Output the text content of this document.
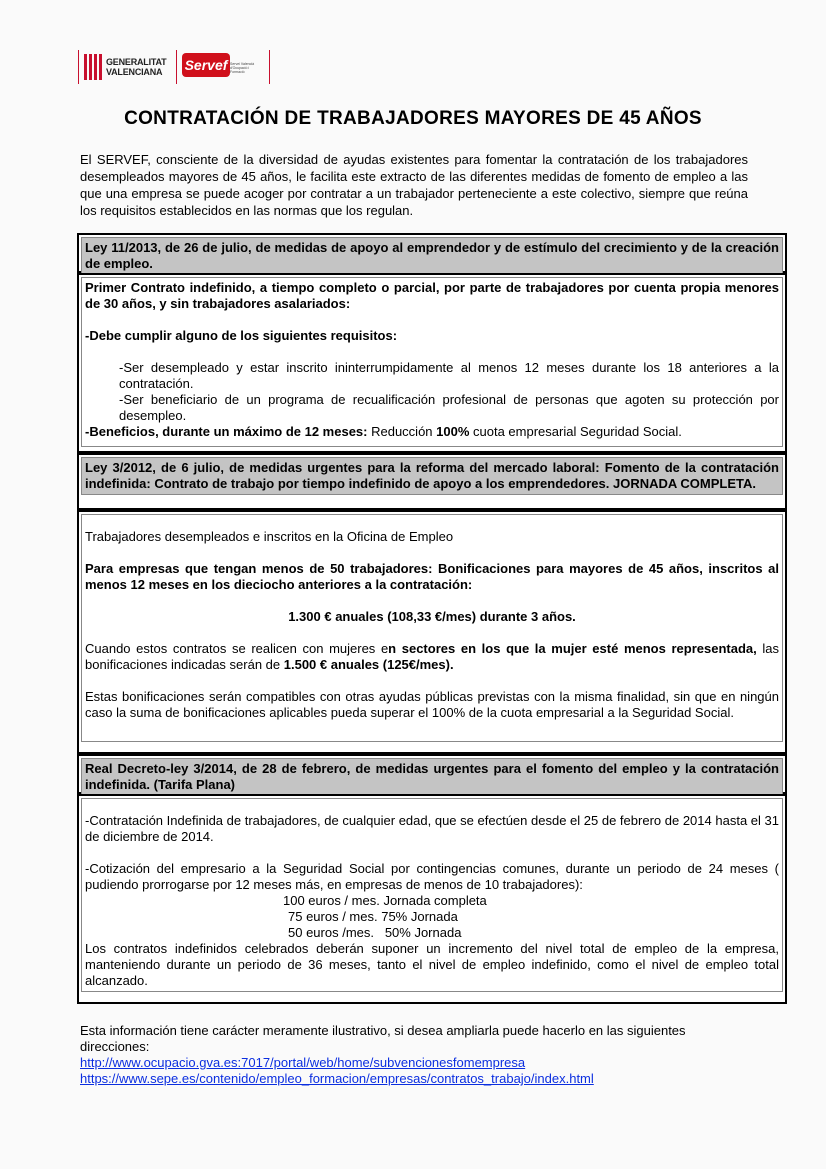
GENERALITAT
VALENCIANA Servef Servei Valencià d'Ocupació i Formació
CONTRATACIÓN DE TRABAJADORES MAYORES DE 45 AÑOS
El SERVEF, consciente de la diversidad de ayudas existentes para fomentar la contratación de los trabajadores desempleados mayores de 45 años, le facilita este extracto de las diferentes medidas de fomento de empleo a las que una empresa se puede acoger por contratar a un trabajador perteneciente a este colectivo, siempre que reúna los requisitos establecidos en las normas que los regulan.
Ley 11/2013, de 26 de julio, de medidas de apoyo al emprendedor y de estímulo del crecimiento y de la creación de empleo.
Primer Contrato indefinido, a tiempo completo o parcial, por parte de trabajadores por cuenta propia menores de 30 años, y sin trabajadores asalariados:
-Debe cumplir alguno de los siguientes requisitos:
-Ser desempleado y estar inscrito ininterrumpidamente al menos 12 meses durante los 18 anteriores a la contratación.
-Ser beneficiario de un programa de recualificación profesional de personas que agoten su protección por desempleo.
-Beneficios, durante un máximo de 12 meses: Reducción 100% cuota empresarial Seguridad Social.
Ley 3/2012, de 6 julio, de medidas urgentes para la reforma del mercado laboral: Fomento de la contratación indefinida: Contrato de trabajo por tiempo indefinido de apoyo a los emprendedores. JORNADA COMPLETA.
Trabajadores desempleados e inscritos en la Oficina de Empleo
Para empresas que tengan menos de 50 trabajadores: Bonificaciones para mayores de 45 años, inscritos al menos 12 meses en los dieciocho anteriores a la contratación:
1.300 € anuales (108,33 €/mes) durante 3 años.
Cuando estos contratos se realicen con mujeres en sectores en los que la mujer esté menos representada, las bonificaciones indicadas serán de 1.500 € anuales (125€/mes).
Estas bonificaciones serán compatibles con otras ayudas públicas previstas con la misma finalidad, sin que en ningún caso la suma de bonificaciones aplicables pueda superar el 100% de la cuota empresarial a la Seguridad Social.
Real Decreto-ley 3/2014, de 28 de febrero, de medidas urgentes para el fomento del empleo y la contratación indefinida. (Tarifa Plana)
-Contratación Indefinida de trabajadores, de cualquier edad, que se efectúen desde el 25 de febrero de 2014 hasta el 31 de diciembre de 2014.
-Cotización del empresario a la Seguridad Social por contingencias comunes, durante un periodo de 24 meses ( pudiendo prorrogarse por 12 meses más, en empresas de menos de 10 trabajadores):
100 euros / mes. Jornada completa
75 euros / mes. 75% Jornada
50 euros /mes.   50% Jornada
Los contratos indefinidos celebrados deberán suponer un incremento del nivel total de empleo de la empresa, manteniendo durante un periodo de 36 meses, tanto el nivel de empleo indefinido, como el nivel de empleo total alcanzado.
Esta información tiene carácter meramente ilustrativo, si desea ampliarla puede hacerlo en las siguientes direcciones:
http://www.ocupacio.gva.es:7017/portal/web/home/subvencionesfomempresa
https://www.sepe.es/contenido/empleo_formacion/empresas/contratos_trabajo/index.html
